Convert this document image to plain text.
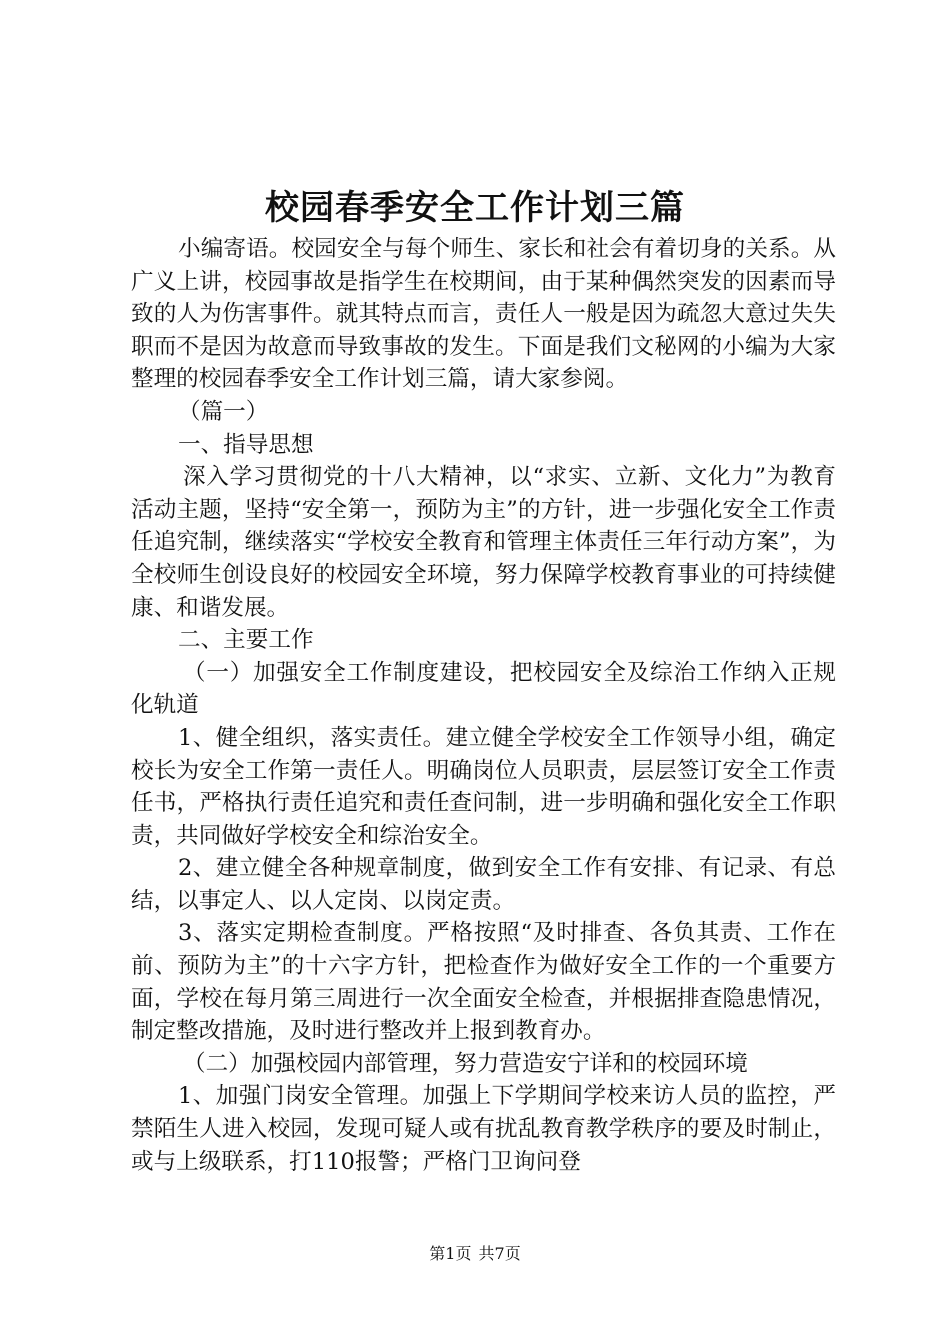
校园春季安全工作计划三篇

小编寄语。校园安全与每个师生、家长和社会有着切身的关系。从广义上讲，校园事故是指学生在校期间，由于某种偶然突发的因素而导致的人为伤害事件。就其特点而言，责任人一般是因为疏忽大意过失失职而不是因为故意而导致事故的发生。下面是我们文秘网的小编为大家整理的校园春季安全工作计划三篇，请大家参阅。

（篇一）

一、指导思想

深入学习贯彻党的十八大精神，以“求实、立新、文化力”为教育活动主题，坚持“安全第一，预防为主”的方针，进一步强化安全工作责任追究制，继续落实“学校安全教育和管理主体责任三年行动方案”，为全校师生创设良好的校园安全环境，努力保障学校教育事业的可持续健康、和谐发展。

二、主要工作

（一）加强安全工作制度建设，把校园安全及综治工作纳入正规化轨道

1、健全组织，落实责任。建立健全学校安全工作领导小组，确定校长为安全工作第一责任人。明确岗位人员职责，层层签订安全工作责任书，严格执行责任追究和责任查问制，进一步明确和强化安全工作职责，共同做好学校安全和综治安全。

2、建立健全各种规章制度，做到安全工作有安排、有记录、有总结，以事定人、以人定岗、以岗定责。

3、落实定期检查制度。严格按照“及时排查、各负其责、工作在前、预防为主”的十六字方针，把检查作为做好安全工作的一个重要方面，学校在每月第三周进行一次全面安全检查，并根据排查隐患情况，制定整改措施，及时进行整改并上报到教育办。

（二）加强校园内部管理，努力营造安宁详和的校园环境

1、加强门岗安全管理。加强上下学期间学校来访人员的监控，严禁陌生人进入校园，发现可疑人或有扰乱教育教学秩序的要及时制止，或与上级联系，打110报警；严格门卫询问登

第1页 共7页
